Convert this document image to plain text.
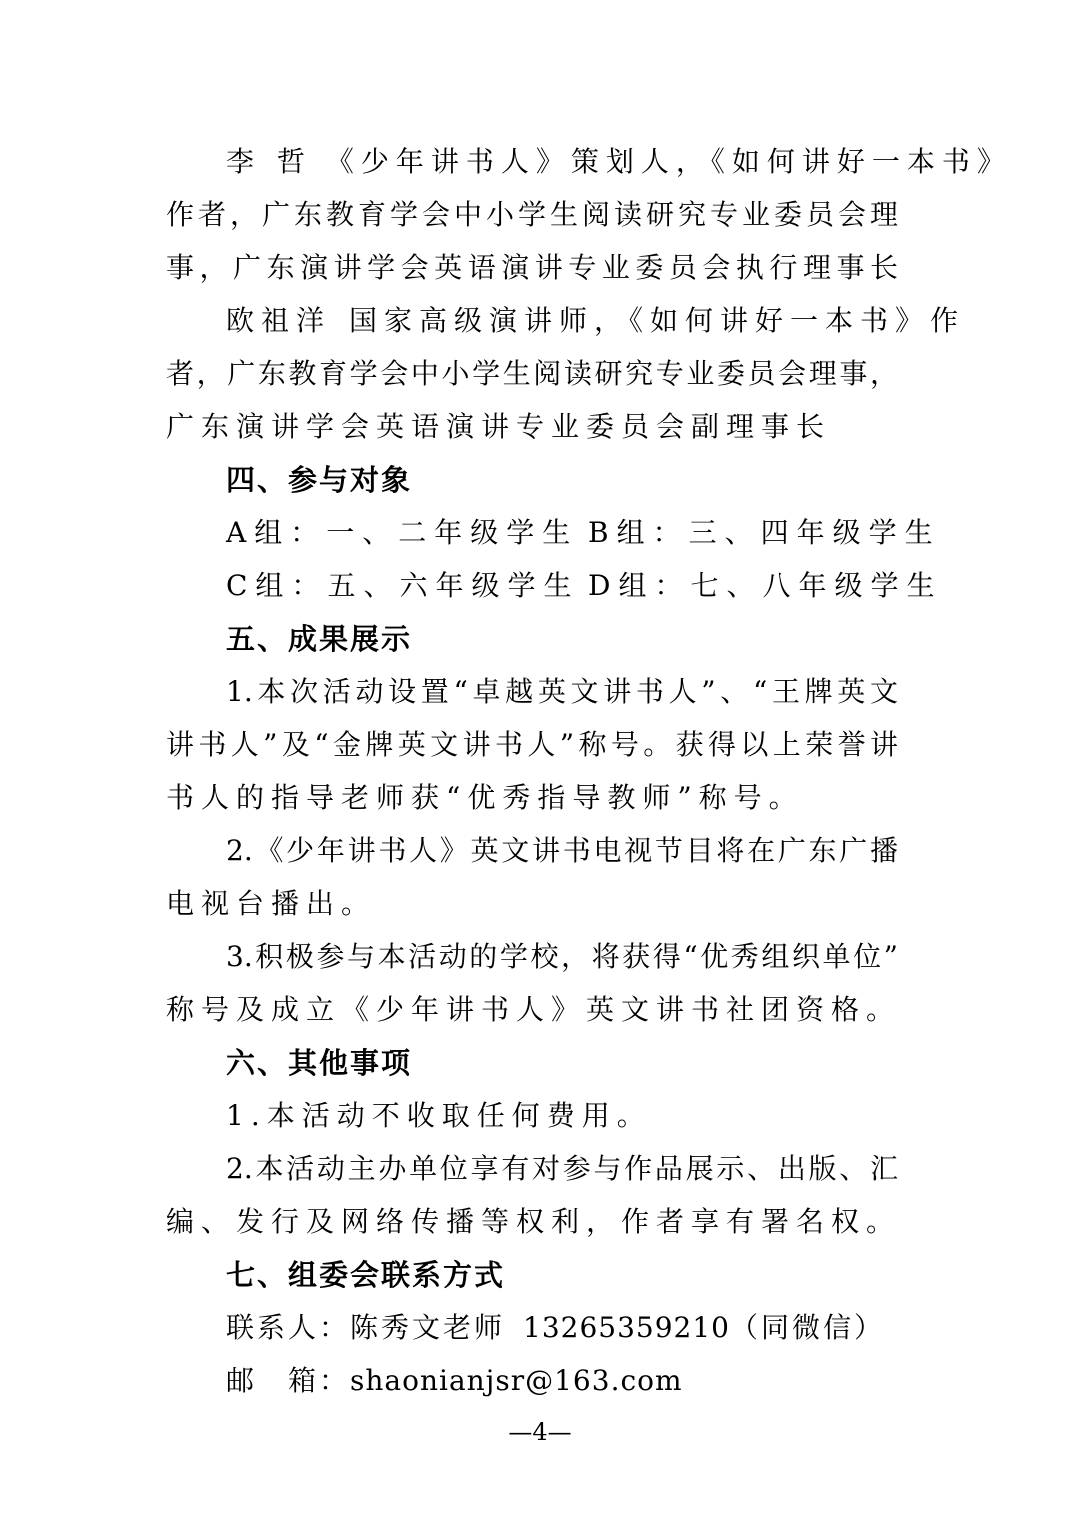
李 哲 《少年讲书人》策划人，《如何讲好一本书》
作者，广东教育学会中小学生阅读研究专业委员会理
事，广东演讲学会英语演讲专业委员会执行理事长
欧祖洋 国家高级演讲师，《如何讲好一本书》作
者，广东教育学会中小学生阅读研究专业委员会理事，
广东演讲学会英语演讲专业委员会副理事长
四、参与对象
A组：一、二年级学生 B组：三、四年级学生
C组：五、六年级学生 D组：七、八年级学生
五、成果展示
1.本次活动设置“卓越英文讲书人”、“王牌英文
讲书人”及“金牌英文讲书人”称号。获得以上荣誉讲
书人的指导老师获“优秀指导教师”称号。
2.《少年讲书人》英文讲书电视节目将在广东广播
电视台播出。
3.积极参与本活动的学校，将获得“优秀组织单位”
称号及成立《少年讲书人》英文讲书社团资格。
六、其他事项
1.本活动不收取任何费用。
2.本活动主办单位享有对参与作品展示、出版、汇
编、发行及网络传播等权利，作者享有署名权。
七、组委会联系方式
联系人：陈秀文老师 13265359210（同微信）
邮　箱：shaonianjsr@163.com
—4—
